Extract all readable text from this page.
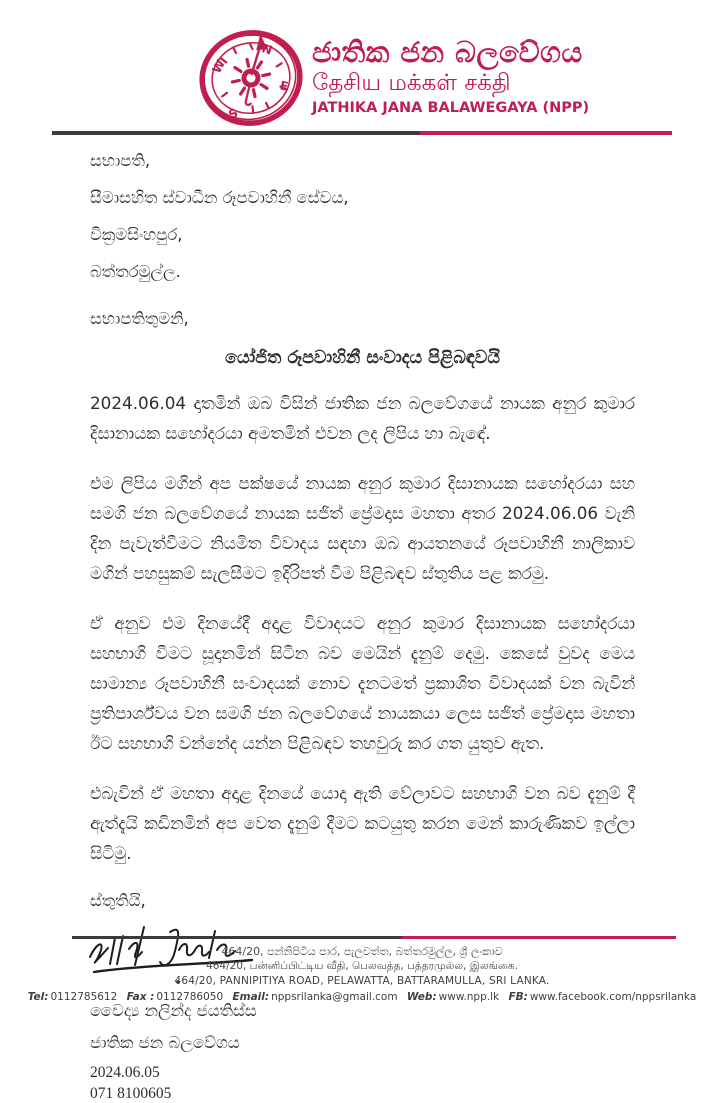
N
W
E
S
ජාතික ජන බලවේගය
தேசிய மக்கள் சக்தி
JATHIKA JANA BALAWEGAYA (NPP)
සභාපති,
සීමාසහිත ස්වාධීන රූපවාහිනී සේවය,
වික්‍රමසිංහපුර,
බත්තරමුල්ල.
සභාපතිතුමනි,
යෝජිත රූපවාහිනී සංවාදය පිළිබඳවයි
2024.06.04 දාතමින් ඔබ විසින් ජාතික ජන බලවේගයේ නායක අනුර කුමාර දිසානායක සහෝදරයා අමතමින් එවන ලද ලිපිය හා බැඳේ.
එම ලිපිය මගින් අප පක්ෂයේ නායක අනුර කුමාර දිසානායක සහෝදරයා සහ සමගි ජන බලවේගයේ නායක සජිත් ප්‍රේමදාස මහතා අතර 2024.06.06 වැනි දින පැවැත්වීමට නියමිත විවාදය සඳහා ඔබ ආයතනයේ රූපවාහිනී නාලිකාව මගින් පහසුකම් සැලසීමට ඉදිරිපත් වීම පිළිබඳව ස්තුතිය පළ කරමු.
ඒ අනුව එම දිනයේදී අදාළ විවාදයට අනුර කුමාර දිසානායක සහෝදරයා සහභාගි වීමට සූදානමින් සිටින බව මෙයින් දැනුම් දෙමු. කෙසේ වුවද මෙය සාමාන්‍ය රූපවාහිනී සංවාදයක් නොව දැනටමත් ප්‍රකාශිත විවාදයක් වන බැවින් ප්‍රතිපාර්ශ්වය වන සමගි ජන බලවේගයේ නායකයා ලෙස සජිත් ප්‍රේමදාස මහතා ඊට සහභාගි වන්නේද යන්න පිළිබඳව තහවුරු කර ගත යුතුව ඇත.
එබැවින් ඒ මහතා අදාළ දිනයේ යොදා ඇති වේලාවට සහභාගි වන බව දැනුම් දී ඇත්දැයි කඩිනමින් අප වෙත දැනුම් දීමට කටයුතු කරන මෙන් කාරුණිකව ඉල්ලා සිටිමු.
ස්තුතියි,
වෛද්‍ය නලින්ද ජයතිස්ස
ජාතික ජන බලවේගය
2024.06.05
071 8100605
464/20, පන්නිපිටිය පාර, පැලවත්ත, බත්තරමුල්ල, ශ්‍රී ලංකාව
464/20, பன்னிப்பிட்டிய வீதி, பெலவத்த, பத்தரமுல்ல, இலங்கை.
464/20, PANNIPITIYA ROAD, PELAWATTA, BATTARAMULLA, SRI LANKA.
Tel: 0112785612 Fax : 0112786050 Email: nppsrilanka@gmail.com Web: www.npp.lk FB: www.facebook.com/nppsrilanka
